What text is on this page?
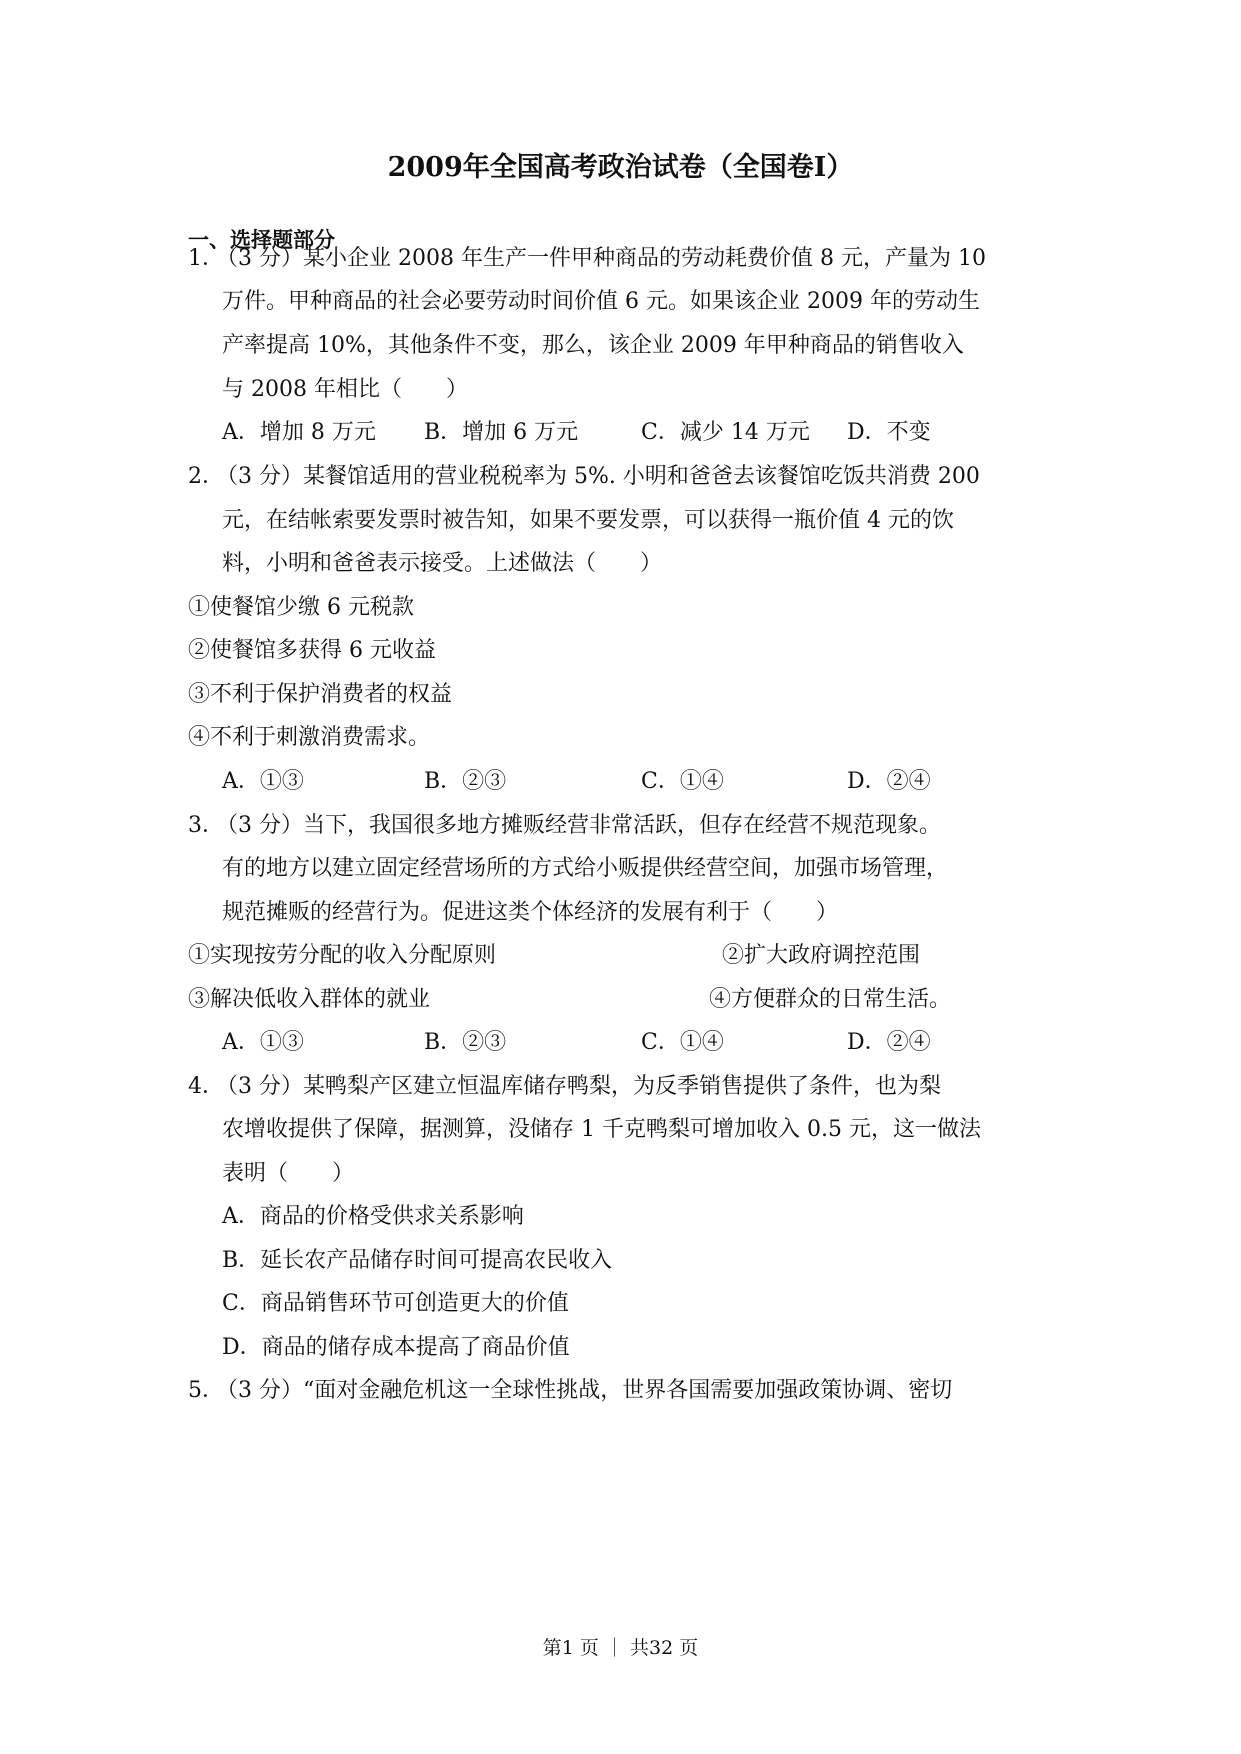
2009年全国高考政治试卷（全国卷I）
一、选择题部分
1．
（3 分）某小企业 2008 年生产一件甲种商品的劳动耗费价值 8 元，产量为 10
万件。甲种商品的社会必要劳动时间价值 6 元。如果该企业 2009 年的劳动生
产率提高 10%，其他条件不变，那么，该企业 2009 年甲种商品的销售收入
与 2008 年相比（　　）
A．增加 8 万元 B．增加 6 万元	C．减少 14 万元 D．不变
2．
（3 分）某餐馆适用的营业税税率为 5%. 小明和爸爸去该餐馆吃饭共消费 200
元，在结帐索要发票时被告知，如果不要发票，可以获得一瓶价值 4 元的饮
料，小明和爸爸表示接受。上述做法（　　）
①使餐馆少缴 6 元税款
②使餐馆多获得 6 元收益
③不利于保护消费者的权益
④不利于刺激消费需求。
A．①③	B．②③	C．①④	D．②④
3．
（3 分）当下，我国很多地方摊贩经营非常活跃，但存在经营不规范现象。
有的地方以建立固定经营场所的方式给小贩提供经营空间，加强市场管理，
规范摊贩的经营行为。促进这类个体经济的发展有利于（　　）
①实现按劳分配的收入分配原则	②扩大政府调控范围
③解决低收入群体的就业	④方便群众的日常生活。
A．①③	B．②③	C．①④	D．②④
4．
（3 分）某鸭梨产区建立恒温库储存鸭梨，为反季销售提供了条件，也为梨
农增收提供了保障，据测算，没储存 1 千克鸭梨可增加收入 0.5 元，这一做法
表明（　　）
A．商品的价格受供求关系影响
B．延长农产品储存时间可提高农民收入
C．商品销售环节可创造更大的价值
D．商品的储存成本提高了商品价值
5．
（3 分）“面对金融危机这一全球性挑战，世界各国需要加强政策协调、密切
第1 页 ｜ 共32 页
